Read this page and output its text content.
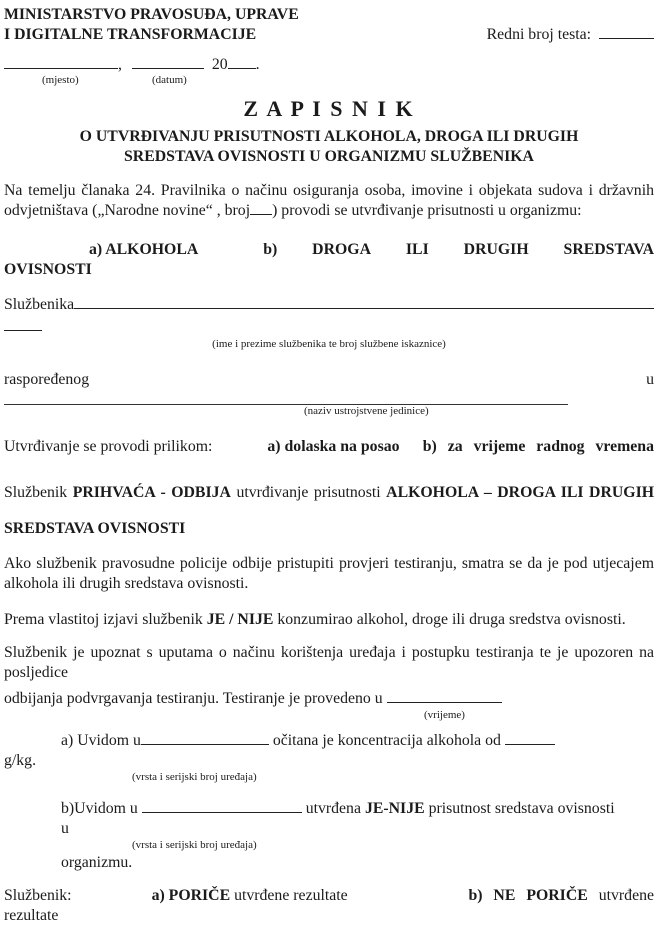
MINISTARSTVO PRAVOSUĐA, UPRAVE
I DIGITALNE TRANSFORMACIJE	Redni broj testa:
,	20 .
(mjesto)	(datum)
Z A P I S N I K
O UTVRĐIVANJU PRISUTNOSTI ALKOHOLA, DROGA ILI DRUGIH
SREDSTAVA OVISNOSTI U ORGANIZMU SLUŽBENIKA
Na temelju članaka 24. Pravilnika o načinu osiguranja osoba, imovine i objekata sudova i državnih odvjetništava („Narodne novine“ , broj ) provodi se utvrđivanje prisutnosti u organizmu:
a) ALKOHOLA	b) DROGA ILI DRUGIH SREDSTAVA
OVISNOSTI
Službenika
(ime i prezime službenika te broj službene iskaznice)
raspoređenog	u
(naziv ustrojstvene jedinice)
Utvrđivanje se provodi prilikom:	a) dolaska na posao b) za vrijeme radnog vremena
Službenik PRIHVAĆA - ODBIJA utvrđivanje prisutnosti ALKOHOLA – DROGA ILI DRUGIH
SREDSTAVA OVISNOSTI
Ako službenik pravosudne policije odbije pristupiti provjeri testiranju, smatra se da je pod utjecajem alkohola ili drugih sredstava ovisnosti.
Prema vlastitoj izjavi službenik JE / NIJE konzumirao alkohol, droge ili druga sredstva ovisnosti.
Službenik je upoznat s uputama o načinu korištenja uređaja i postupku testiranja te je upozoren na posljedice
odbijanja podvrgavanja testiranju. Testiranje je provedeno u
(vrijeme)
a) Uvidom u	očitana je koncentracija alkohola od
g/kg.
(vrsta i serijski broj uređaja)
b)Uvidom u	utvrđena JE-NIJE prisutnost sredstava ovisnosti
u
(vrsta i serijski broj uređaja)
organizmu.
Službenik:	a) PORIČE utvrđene rezultate	b) NE PORIČE utvrđene
rezultate
